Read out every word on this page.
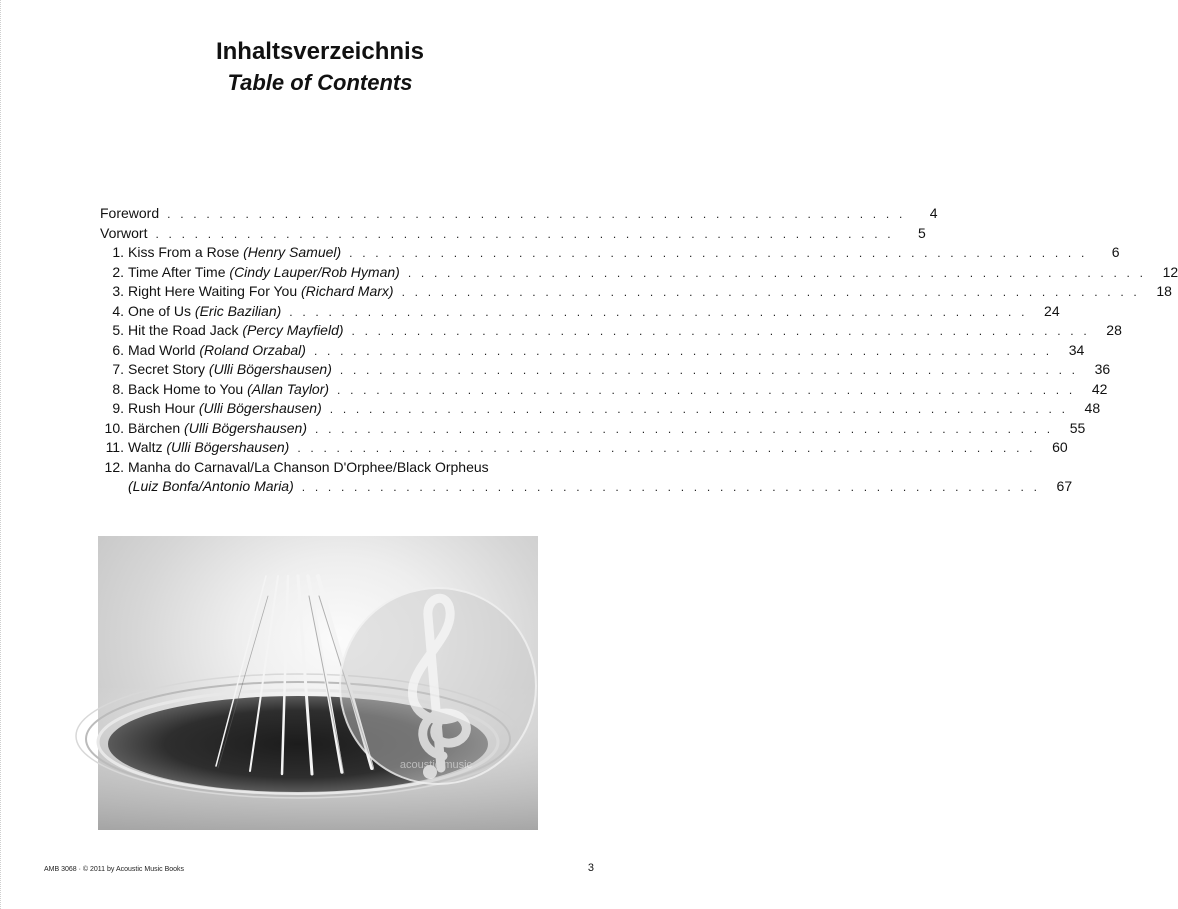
Inhaltsverzeichnis
Table of Contents
Foreword . . . . . . . . . . . . . . . . . . . . . . . . . . . . . . . . . . . . . . . . . . . . . . . . . . . . . . . . .	4
Vorwort . . . . . . . . . . . . . . . . . . . . . . . . . . . . . . . . . . . . . . . . . . . . . . . . . . . . . . . . .	5
1. Kiss From a Rose (Henry Samuel) . . . . . . . . . . . . . . . . . . . . . . . . . . . . . . . . . . . . . . . . . . . . . . . . . . . . . . . . .	6
2. Time After Time (Cindy Lauper/Rob Hyman) . . . . . . . . . . . . . . . . . . . . . . . . . . . . . . . . . . . . . . . . . . . . . . . . . . . . . . . . .	12
3. Right Here Waiting For You (Richard Marx) . . . . . . . . . . . . . . . . . . . . . . . . . . . . . . . . . . . . . . . . . . . . . . . . . . . . . . . . .	18
4. One of Us (Eric Bazilian) . . . . . . . . . . . . . . . . . . . . . . . . . . . . . . . . . . . . . . . . . . . . . . . . . . . . . . . . .	24
5. Hit the Road Jack (Percy Mayfield) . . . . . . . . . . . . . . . . . . . . . . . . . . . . . . . . . . . . . . . . . . . . . . . . . . . . . . . . .	28
6. Mad World (Roland Orzabal) . . . . . . . . . . . . . . . . . . . . . . . . . . . . . . . . . . . . . . . . . . . . . . . . . . . . . . . . .	34
7. Secret Story (Ulli Bögershausen) . . . . . . . . . . . . . . . . . . . . . . . . . . . . . . . . . . . . . . . . . . . . . . . . . . . . . . . . .	36
8. Back Home to You (Allan Taylor) . . . . . . . . . . . . . . . . . . . . . . . . . . . . . . . . . . . . . . . . . . . . . . . . . . . . . . . . .	42
9. Rush Hour (Ulli Bögershausen) . . . . . . . . . . . . . . . . . . . . . . . . . . . . . . . . . . . . . . . . . . . . . . . . . . . . . . . . .	48
10. Bärchen (Ulli Bögershausen) . . . . . . . . . . . . . . . . . . . . . . . . . . . . . . . . . . . . . . . . . . . . . . . . . . . . . . . . .	55
11. Waltz (Ulli Bögershausen) . . . . . . . . . . . . . . . . . . . . . . . . . . . . . . . . . . . . . . . . . . . . . . . . . . . . . . . . .	60
12. Manha do Carnaval/La Chanson D'Orphee/Black Orpheus
(Luiz Bonfa/Antonio Maria) . . . . . . . . . . . . . . . . . . . . . . . . . . . . . . . . . . . . . . . . . . . . . . . . . . . . . . . . .	67
acoustic music
AMB 3068 · © 2011 by Acoustic Music Books	3
